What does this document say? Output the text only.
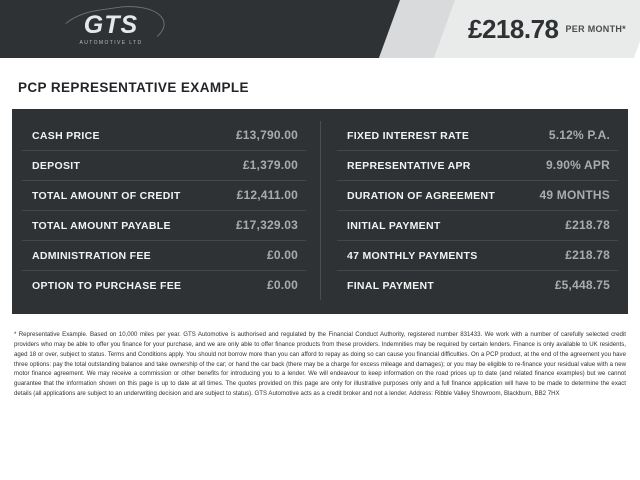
GTS
AUTOMOTIVE LTD	£218.78 PER MONTH*
PCP REPRESENTATIVE EXAMPLE
CASH PRICE	£13,790.00
DEPOSIT	£1,379.00
TOTAL AMOUNT OF CREDIT	£12,411.00
TOTAL AMOUNT PAYABLE	£17,329.03
ADMINISTRATION FEE	£0.00
OPTION TO PURCHASE FEE	£0.00
FIXED INTEREST RATE	5.12% P.A.
REPRESENTATIVE APR	9.90% APR
DURATION OF AGREEMENT	49 MONTHS
INITIAL PAYMENT	£218.78
47 MONTHLY PAYMENTS	£218.78
FINAL PAYMENT	£5,448.75
* Representative Example. Based on 10,000 miles per year. GTS Automotive is authorised and regulated by the Financial Conduct Authority, registered number 831433. We work with a number of carefully selected credit providers who may be able to offer you finance for your purchase, and we are only able to offer finance products from these providers. Indemnities may be required by certain lenders. Finance is only available to UK residents, aged 18 or over, subject to status. Terms and Conditions apply. You should not borrow more than you can afford to repay as doing so can cause you financial difficulties. On a PCP product, at the end of the agreement you have three options: pay the total outstanding balance and take ownership of the car; or hand the car back (there may be a charge for excess mileage and damages); or you may be eligible to re-finance your residual value with a new motor finance agreement. We may receive a commission or other benefits for introducing you to a lender. We will endeavour to keep information on the road prices up to date (and related finance examples) but we cannot guarantee that the information shown on this page is up to date at all times. The quotes provided on this page are only for illustrative purposes only and a full finance application will have to be made to determine the exact details (all applications are subject to an underwriting decision and are subject to status). GTS Automotive acts as a credit broker and not a lender. Address: Ribble Valley Showroom, Blackburn, BB2 7HX
